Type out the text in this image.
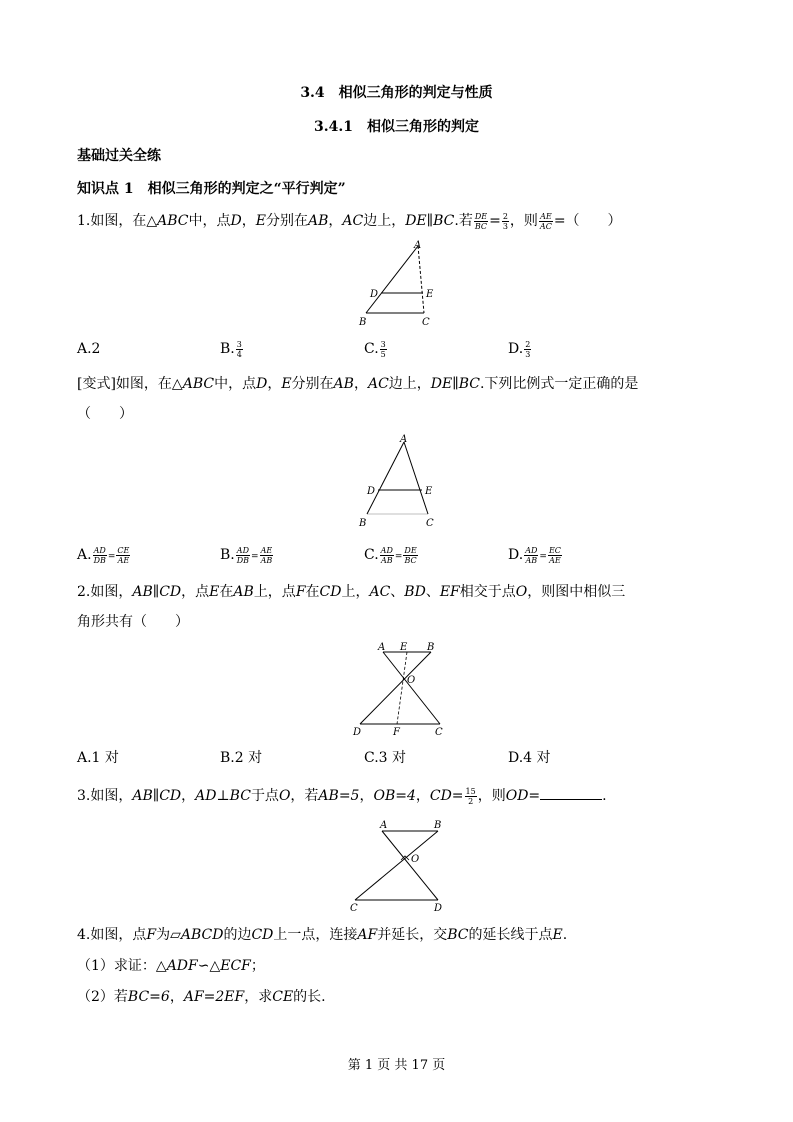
3.4　相似三角形的判定与性质
3.4.1　相似三角形的判定
基础过关全练
知识点 1　相似三角形的判定之“平行判定”
1.如图，在△ABC中，点D，E分别在AB，AC边上，DE∥BC.若 $\frac{DE}{BC} = \frac{2}{3}$ ，则 $\frac{AE}{AC}$ =（　　）
A
D	E
B	C
A.2	B. $\frac{3}{4}$	C. $\frac{3}{5}$	D. $\frac{2}{3}$
[变式]如图，在△ABC中，点D，E分别在AB，AC边上，DE∥BC.下列比例式一定正确的是
（　　）
A
D	E
B	C
A. $\frac{AD}{DB} = \frac{CE}{AE}$	B. $\frac{AD}{DB} = \frac{AE}{AB}$	C. $\frac{AD}{AB} = \frac{DE}{BC}$	D. $\frac{AD}{AB} = \frac{EC}{AE}$
2.如图，AB∥CD，点E在AB上，点F在CD上，AC、BD、EF相交于点O，则图中相似三
角形共有（　　）
A E B
O
D	F	C
A.1 对	B.2 对	C.3 对	D.4 对
3.如图，AB∥CD，AD⊥BC于点O，若AB=5，OB=4，$CD= \frac{15}{2}$ ，则OD=	.
A	B
O
C	D
4.如图，点F为▱ABCD的边CD上一点，连接AF并延长，交BC的延长线于点E.
（1）求证：△ADF∽△ECF；
（2）若BC=6，AF=2EF，求CE的长.
第 1 页 共 17 页
